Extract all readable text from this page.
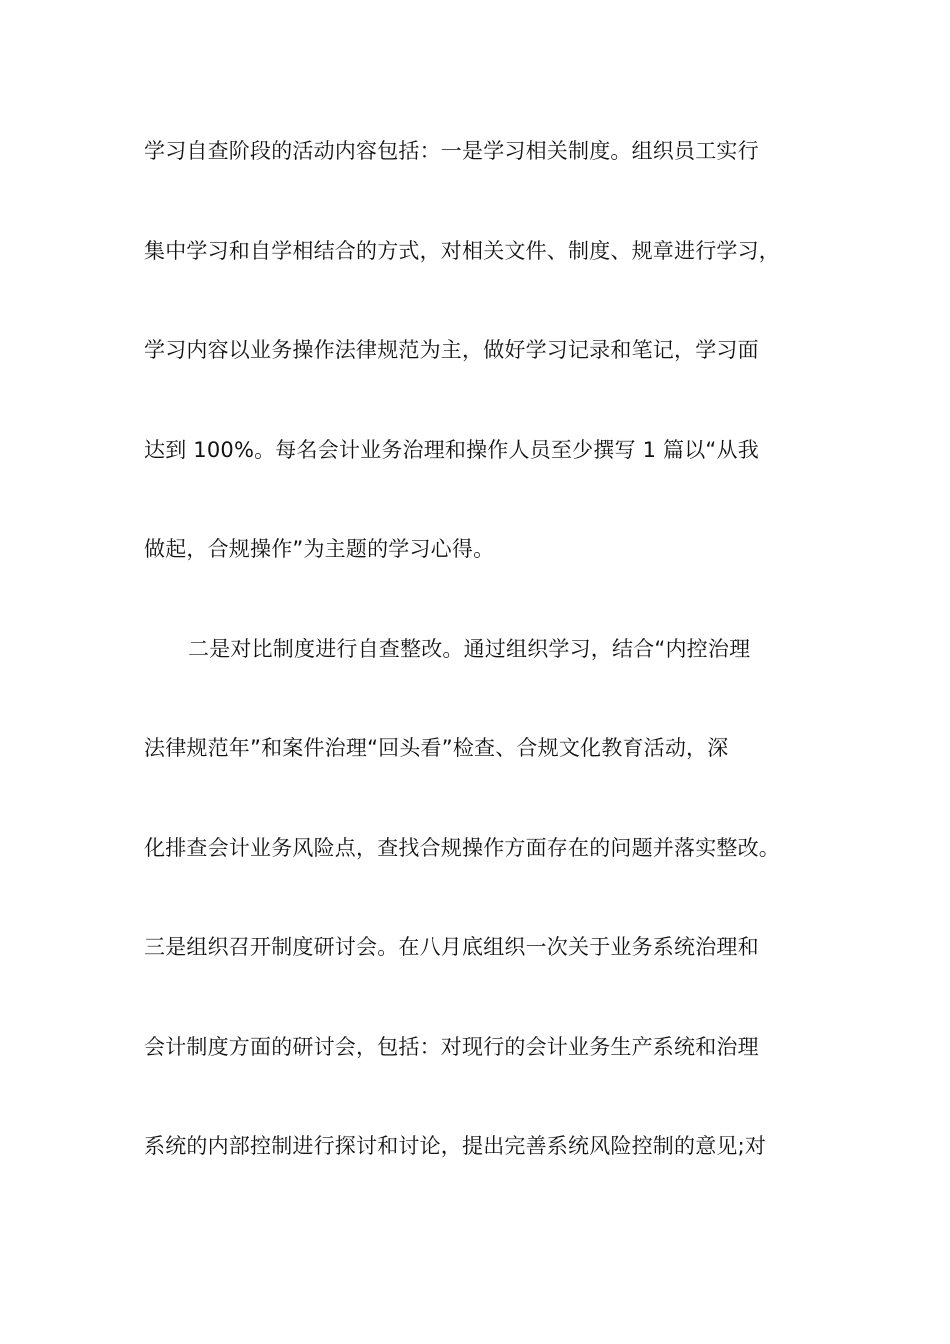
学习自查阶段的活动内容包括：一是学习相关制度。组织员工实行
集中学习和自学相结合的方式，对相关文件、制度、规章进行学习，
学习内容以业务操作法律规范为主，做好学习记录和笔记，学习面
达到 100%。每名会计业务治理和操作人员至少撰写 1 篇以“从我
做起，合规操作”为主题的学习心得。
二是对比制度进行自查整改。通过组织学习，结合“内控治理
法律规范年”和案件治理“回头看”检查、合规文化教育活动，深
化排查会计业务风险点，查找合规操作方面存在的问题并落实整改。
三是组织召开制度研讨会。在八月底组织一次关于业务系统治理和
会计制度方面的研讨会，包括：对现行的会计业务生产系统和治理
系统的内部控制进行探讨和讨论，提出完善系统风险控制的意见;对
